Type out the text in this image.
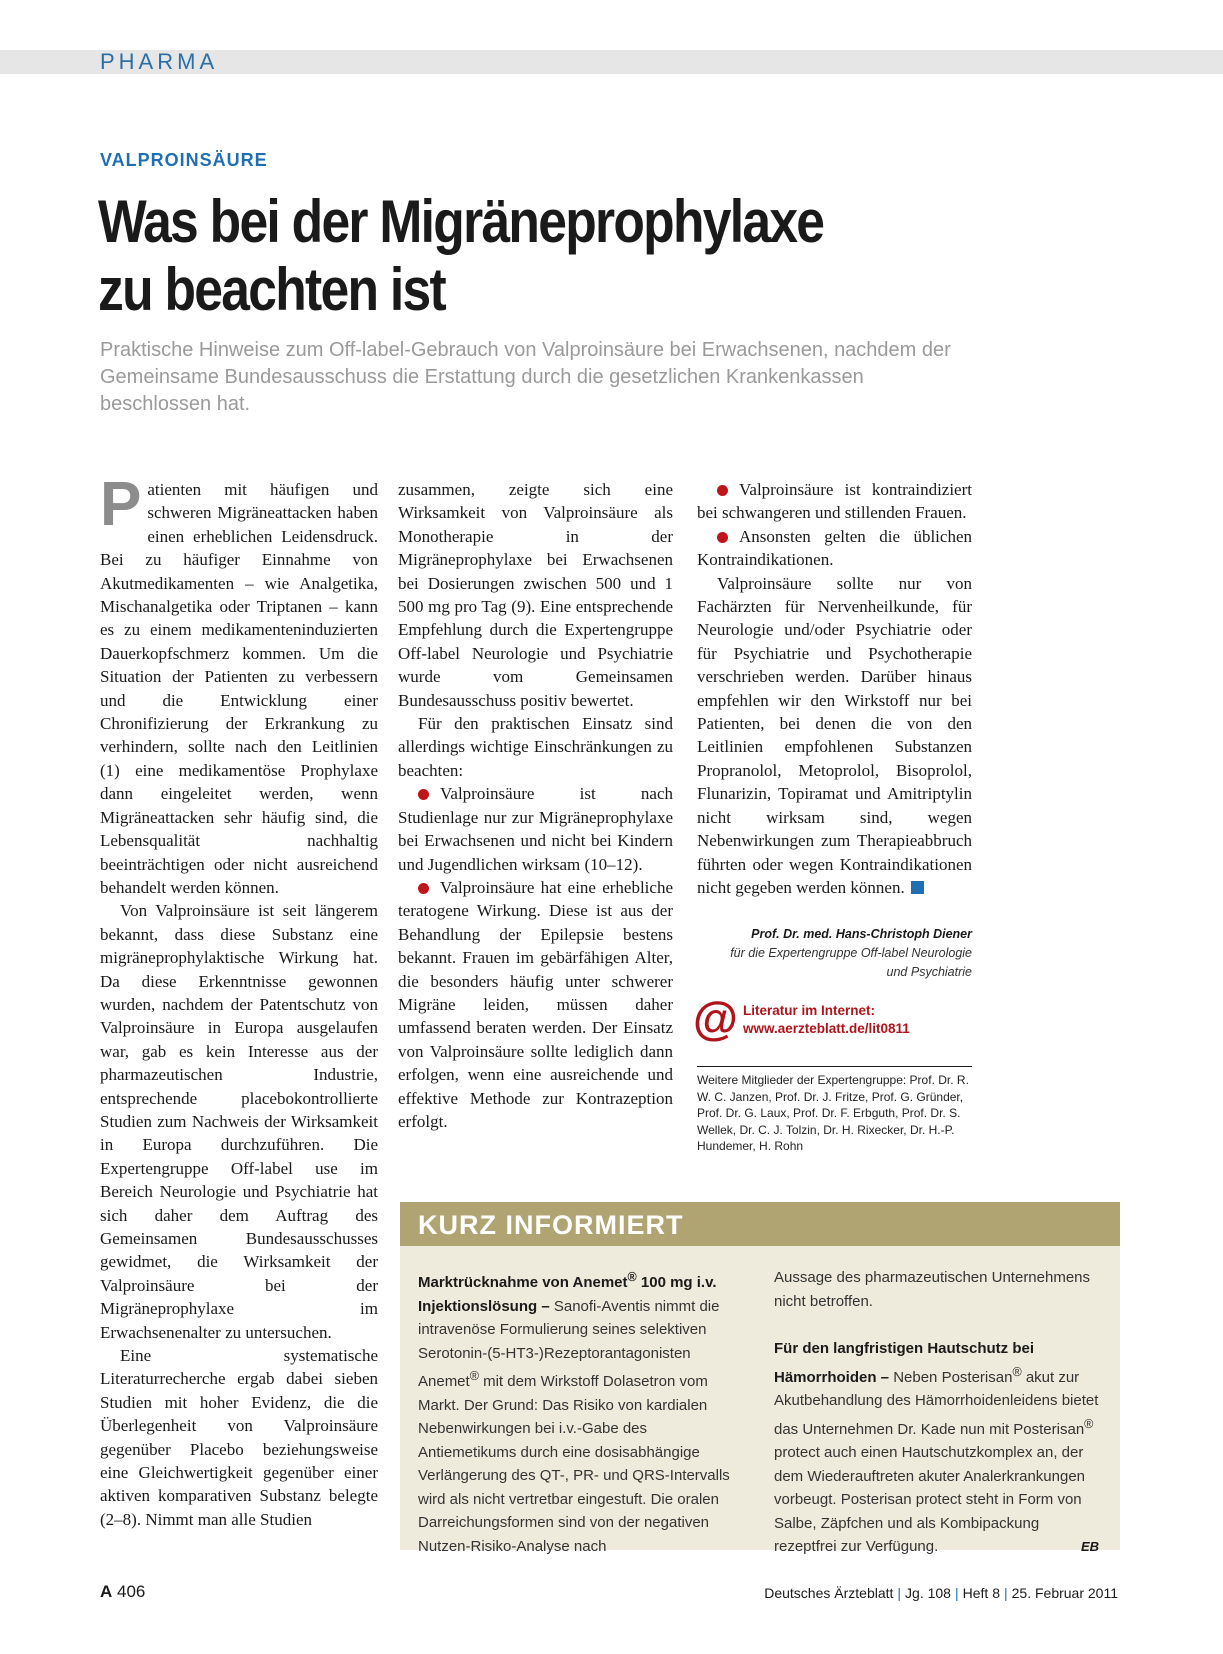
PHARMA
VALPROINSÄURE
Was bei der Migräneprophylaxe
zu beachten ist
Praktische Hinweise zum Off-label-Gebrauch von Valproinsäure bei Erwachsenen, nachdem der Gemeinsame Bundesausschuss die Erstattung durch die gesetzlichen Krankenkassen beschlossen hat.

Patienten mit häufigen und schweren Migräneattacken haben einen erheblichen Leidensdruck. Bei zu häufiger Einnahme von Akutmedikamenten – wie Analgetika, Mischanalgetika oder Triptanen – kann es zu einem medikamenteninduzierten Dauerkopfschmerz kommen. Um die Situation der Patienten zu verbessern und die Entwicklung einer Chronifizierung der Erkrankung zu verhindern, sollte nach den Leitlinien (1) eine medikamentöse Prophylaxe dann eingeleitet werden, wenn Migräneattacken sehr häufig sind, die Lebensqualität nachhaltig beeinträchtigen oder nicht ausreichend behandelt werden können.

Von Valproinsäure ist seit längerem bekannt, dass diese Substanz eine migräneprophylaktische Wirkung hat. Da diese Erkenntnisse gewonnen wurden, nachdem der Patentschutz von Valproinsäure in Europa ausgelaufen war, gab es kein Interesse aus der pharmazeutischen Industrie, entsprechende placebokontrollierte Studien zum Nachweis der Wirksamkeit in Europa durchzuführen. Die Expertengruppe Off-label use im Bereich Neurologie und Psychiatrie hat sich daher dem Auftrag des Gemeinsamen Bundesausschusses gewidmet, die Wirksamkeit der Valproinsäure bei der Migräneprophylaxe im Erwachsenenalter zu untersuchen.

Eine systematische Literaturrecherche ergab dabei sieben Studien mit hoher Evidenz, die die Überlegenheit von Valproinsäure gegenüber Placebo beziehungsweise eine Gleichwertigkeit gegenüber einer aktiven komparativen Substanz belegte (2–8). Nimmt man alle Studien

zusammen, zeigte sich eine Wirksamkeit von Valproinsäure als Monotherapie in der Migräneprophylaxe bei Erwachsenen bei Dosierungen zwischen 500 und 1 500 mg pro Tag (9). Eine entsprechende Empfehlung durch die Expertengruppe Off-label Neurologie und Psychiatrie wurde vom Gemeinsamen Bundesausschuss positiv bewertet.

Für den praktischen Einsatz sind allerdings wichtige Einschränkungen zu beachten:

Valproinsäure ist nach Studienlage nur zur Migräneprophylaxe bei Erwachsenen und nicht bei Kindern und Jugendlichen wirksam (10–12).

Valproinsäure hat eine erhebliche teratogene Wirkung. Diese ist aus der Behandlung der Epilepsie bestens bekannt. Frauen im gebärfähigen Alter, die besonders häufig unter schwerer Migräne leiden, müssen daher umfassend beraten werden. Der Einsatz von Valproinsäure sollte lediglich dann erfolgen, wenn eine ausreichende und effektive Methode zur Kontrazeption erfolgt.

Valproinsäure ist kontraindiziert bei schwangeren und stillenden Frauen.

Ansonsten gelten die üblichen Kontraindikationen.

Valproinsäure sollte nur von Fachärzten für Nervenheilkunde, für Neurologie und/oder Psychiatrie oder für Psychiatrie und Psychotherapie verschrieben werden. Darüber hinaus empfehlen wir den Wirkstoff nur bei Patienten, bei denen die von den Leitlinien empfohlenen Substanzen Propranolol, Metoprolol, Bisoprolol, Flunarizin, Topiramat und Amitriptylin nicht wirksam sind, wegen Nebenwirkungen zum Therapieabbruch führten oder wegen Kontraindikationen nicht gegeben werden können.

Prof. Dr. med. Hans-Christoph Diener
für die Expertengruppe Off-label Neurologie
und Psychiatrie
@ Literatur im Internet:
www.aerzteblatt.de/lit0811
Weitere Mitglieder der Expertengruppe: Prof. Dr. R. W. C. Janzen, Prof. Dr. J. Fritze, Prof. G. Gründer, Prof. Dr. G. Laux, Prof. Dr. F. Erbguth, Prof. Dr. S. Wellek, Dr. C. J. Tolzin, Dr. H. Rixecker, Dr. H.-P. Hundemer, H. Rohn
KURZ INFORMIERT

Marktrücknahme von Anemet® 100 mg i.v. Injektionslösung – Sanofi-Aventis nimmt die intravenöse Formulierung seines selektiven Serotonin-(5-HT3-)Rezeptorantagonisten Anemet® mit dem Wirkstoff Dolasetron vom Markt. Der Grund: Das Risiko von kardialen Nebenwirkungen bei i.v.-Gabe des Antiemetikums durch eine dosisabhängige Verlängerung des QT-, PR- und QRS-Intervalls wird als nicht vertretbar eingestuft. Die oralen Darreichungsformen sind von der negativen Nutzen-Risiko-Analyse nach

Aussage des pharmazeutischen Unternehmens nicht betroffen.

Für den langfristigen Hautschutz bei Hämorrhoiden – Neben Posterisan® akut zur Akutbehandlung des Hämorrhoidenleidens bietet das Unternehmen Dr. Kade nun mit Posterisan® protect auch einen Hautschutzkomplex an, der dem Wiederauftreten akuter Analerkrankungen vorbeugt. Posterisan protect steht in Form von Salbe, Zäpfchen und als Kombipackung rezeptfrei zur Verfügung.	EB

A 406	Deutsches Ärzteblatt | Jg. 108 | Heft 8 | 25. Februar 2011
